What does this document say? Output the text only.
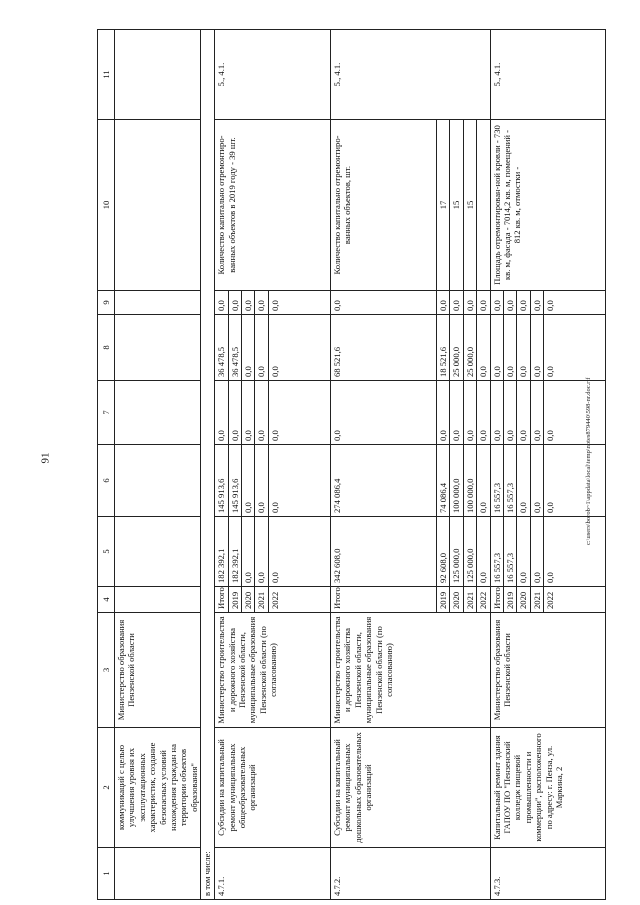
91	c:\users\borob~1\appdata\local\temp\notes879440\598-nr.doc.rtf
1	2	3	4	5	6	7	8	9	10	11
	коммуникаций с целью улучшения уровня их эксплуатационных характеристик, создание безопасных условий нахождения граждан на территории объектов образования"	Министерство образования Пензенской области								
в том числе:										
4.7.1.	Субсидии на капитальный ремонт муниципальных общеобразовательных организаций	Министерство строительства и дорожного хозяйства Пензенской области, муниципальные образования Пензенской области (по согласованию)	Итого	182 392,1	145 913,6	0,0	36 478,5	0,0	Количество капитально отремонтиро-ванных объектов в 2019 году - 39 шт.	5., 4.1.
			2019	182 392,1	145 913,6	0,0	36 478,5	0,0		
			2020	0,0	0,0	0,0	0,0	0,0		
			2021	0,0	0,0	0,0	0,0	0,0		
			2022	0,0	0,0	0,0	0,0	0,0		
4.7.2.	Субсидии на капитальный ремонт муниципальных дошкольных образовательных организаций	Министерство строительства и дорожного хозяйства Пензенской области, муниципальные образования Пензенской области (по согласованию)	Итого	342 608,0	274 086,4	0,0	68 521,6	0,0	Количество капитально отремонтиро-ванных объектов, шт.	5., 4.1.
			2019	92 608,0	74 086,4	0,0	18 521,6	0,0	17	
			2020	125 000,0	100 000,0	0,0	25 000,0	0,0	15	
			2021	125 000,0	100 000,0	0,0	25 000,0	0,0	15	
			2022	0,0	0,0	0,0	0,0	0,0		
4.7.3.	Капитальный ремонт здания ГАПОУ ПО "Пензенский колледж пищевой промышленности и коммерции", расположенного по адресу: г. Пенза, ул. Маркина, 2	Министерство образования Пензенской области	Итого	16 557,3	16 557,3	0,0	0,0	0,0	Площадь отремонтирован-ной кровли - 730 кв. м, фасада - 7014,2 кв. м, помещений - 812 кв. м, отмостки -	5., 4.1.
			2019	16 557,3	16 557,3	0,0	0,0	0,0		
			2020	0,0	0,0	0,0	0,0	0,0		
			2021	0,0	0,0	0,0	0,0	0,0		
			2022	0,0	0,0	0,0	0,0	0,0		
